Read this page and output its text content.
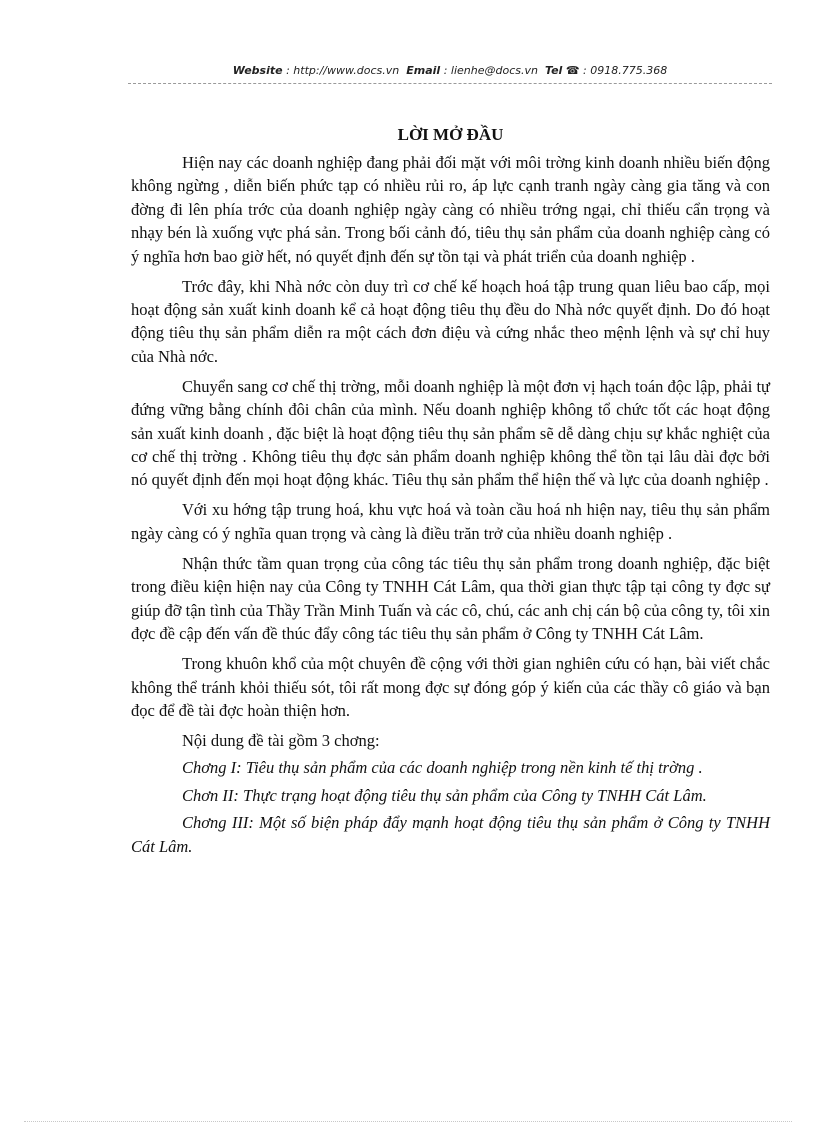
Website : http://www.docs.vn Email : lienhe@docs.vn Tel ☎ : 0918.775.368
LỜI MỞ ĐẦU

Hiện nay các doanh nghiệp đang phải đối mặt với môi trờng kinh doanh nhiều biến động không ngừng , diễn biến phức tạp có nhiều rủi ro, áp lực cạnh tranh ngày càng gia tăng và con đờng đi lên phía trớc của doanh nghiệp ngày càng có nhiều trớng ngại, chỉ thiếu cẩn trọng và nhạy bén là xuống vực phá sản. Trong bối cảnh đó, tiêu thụ sản phẩm của doanh nghiệp càng có ý nghĩa hơn bao giờ hết, nó quyết định đến sự tồn tại và phát triển của doanh nghiệp .

Trớc đây, khi Nhà nớc còn duy trì cơ chế kế hoạch hoá tập trung quan liêu bao cấp, mọi hoạt động sản xuất kinh doanh kể cả hoạt động tiêu thụ đều do Nhà nớc quyết định. Do đó hoạt động tiêu thụ sản phẩm diễn ra một cách đơn điệu và cứng nhắc theo mệnh lệnh và sự chỉ huy của Nhà nớc.

Chuyển sang cơ chế thị trờng, mỗi doanh nghiệp là một đơn vị hạch toán độc lập, phải tự đứng vững bằng chính đôi chân của mình. Nếu doanh nghiệp không tổ chức tốt các hoạt động sản xuất kinh doanh , đặc biệt là hoạt động tiêu thụ sản phẩm sẽ dễ dàng chịu sự khắc nghiệt của cơ chế thị trờng . Không tiêu thụ đợc sản phẩm doanh nghiệp không thể tồn tại lâu dài đợc bởi nó quyết định đến mọi hoạt động khác. Tiêu thụ sản phẩm thể hiện thế và lực của doanh nghiệp .

Với xu hớng tập trung hoá, khu vực hoá và toàn cầu hoá nh hiện nay, tiêu thụ sản phẩm ngày càng có ý nghĩa quan trọng và càng là điều trăn trở của nhiều doanh nghiệp .

Nhận thức tầm quan trọng của công tác tiêu thụ sản phẩm trong doanh nghiệp, đặc biệt trong điều kiện hiện nay của Công ty TNHH Cát Lâm, qua thời gian thực tập tại công ty đợc sự giúp đỡ tận tình của Thầy Trần Minh Tuấn và các cô, chú, các anh chị cán bộ của công ty, tôi xin đợc đề cập đến vấn đề thúc đẩy công tác tiêu thụ sản phẩm ở Công ty TNHH Cát Lâm.

Trong khuôn khổ của một chuyên đề cộng với thời gian nghiên cứu có hạn, bài viết chắc không thể tránh khỏi thiếu sót, tôi rất mong đợc sự đóng góp ý kiến của các thầy cô giáo và bạn đọc để đề tài đợc hoàn thiện hơn.

Nội dung đề tài gồm 3 chơng:

Chơng I: Tiêu thụ sản phẩm của các doanh nghiệp trong nền kinh tế thị trờng .

Chơn II: Thực trạng hoạt động tiêu thụ sản phẩm của Công ty TNHH Cát Lâm.

Chơng III: Một số biện pháp đẩy mạnh hoạt động tiêu thụ sản phẩm ở Công ty TNHH Cát Lâm.
